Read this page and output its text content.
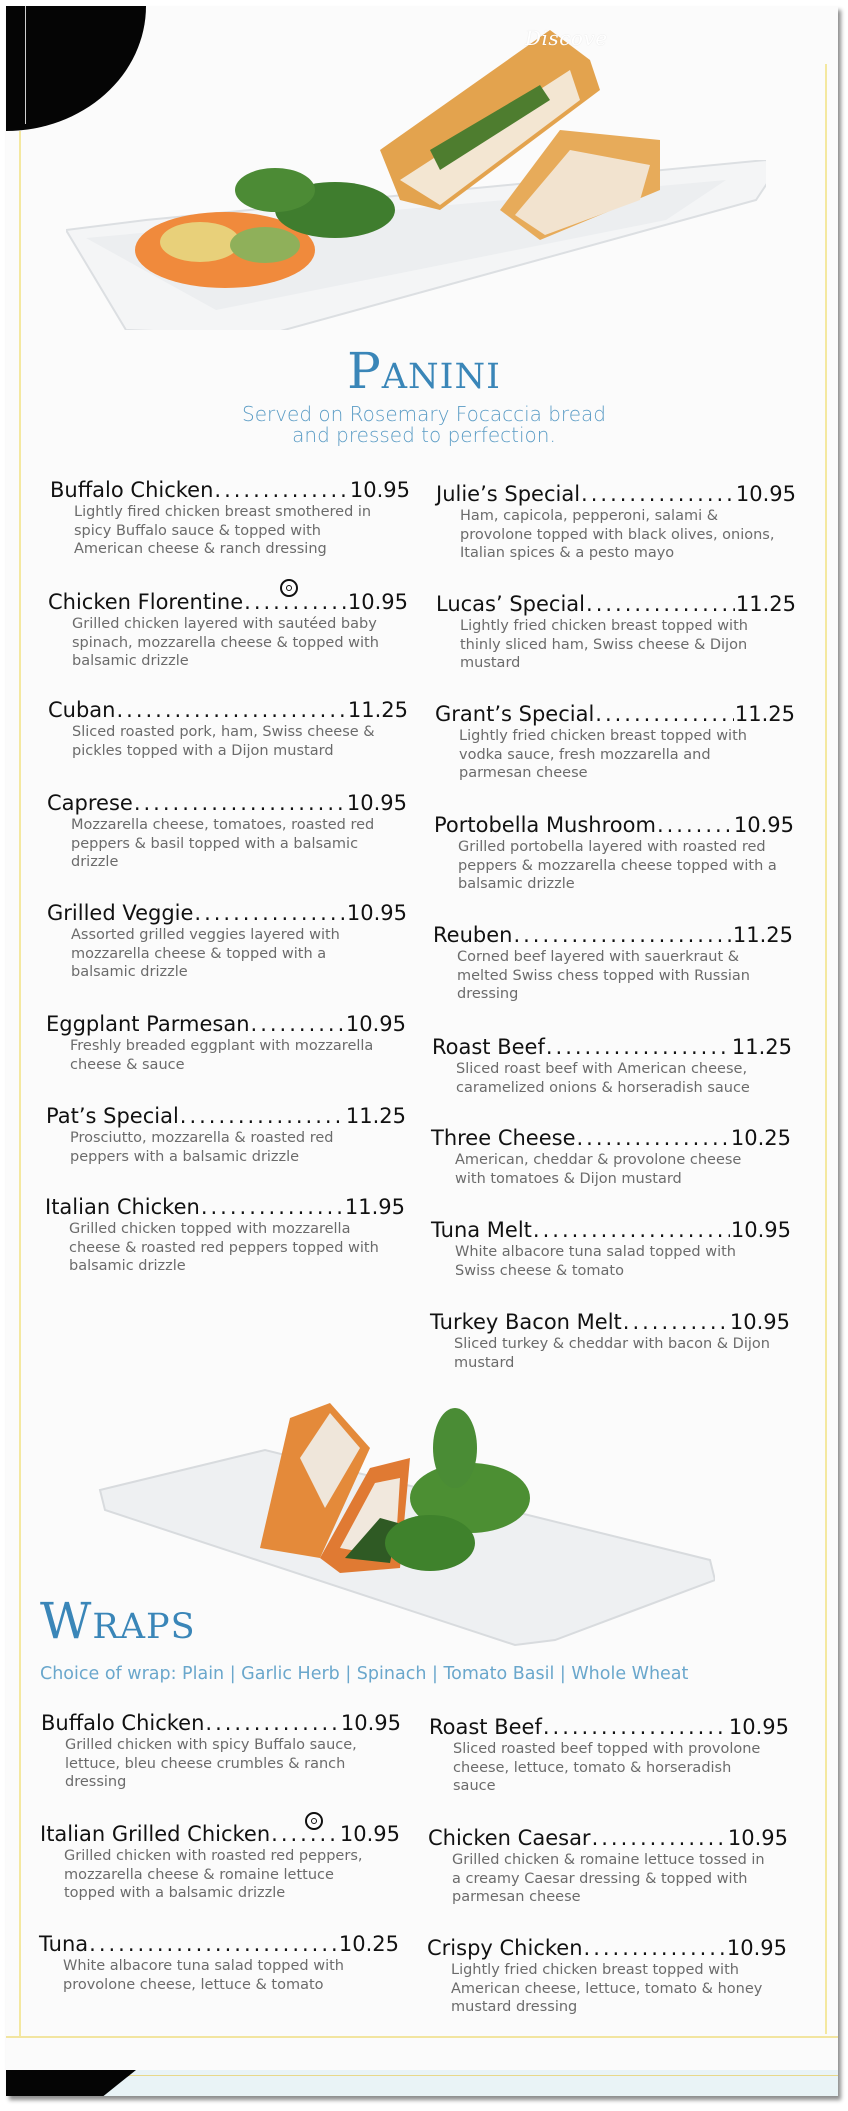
Discove
Panini
Served on Rosemary Focaccia bread
and pressed to perfection.
Buffalo Chicken .....	10.95
Lightly fired chicken breast smothered in spicy Buffalo sauce & topped with American cheese & ranch dressing
Chicken Florentine .....	10.95
Grilled chicken layered with sautéed baby spinach, mozzarella cheese & topped with balsamic drizzle
Cuban .....	11.25
Sliced roasted pork, ham, Swiss cheese & pickles topped with a Dijon mustard
Caprese .....	10.95
Mozzarella cheese, tomatoes, roasted red peppers & basil topped with a balsamic drizzle
Grilled Veggie .....	10.95
Assorted grilled veggies layered with mozzarella cheese & topped with a balsamic drizzle
Eggplant Parmesan .....	10.95
Freshly breaded eggplant with mozzarella cheese & sauce
Pat’s Special .....	11.25
Prosciutto, mozzarella & roasted red peppers with a balsamic drizzle
Italian Chicken .....	11.95
Grilled chicken topped with mozzarella cheese & roasted red peppers topped with balsamic drizzle
Julie’s Special .....	10.95
Ham, capicola, pepperoni, salami & provolone topped with black olives, onions, Italian spices & a pesto mayo
Lucas’ Special .....	11.25
Lightly fried chicken breast topped with thinly sliced ham, Swiss cheese & Dijon mustard
Grant’s Special .....	11.25
Lightly fried chicken breast topped with vodka sauce, fresh mozzarella and parmesan cheese
Portobella Mushroom .....	10.95
Grilled portobella layered with roasted red peppers & mozzarella cheese topped with a balsamic drizzle
Reuben .....	11.25
Corned beef layered with sauerkraut & melted Swiss chess topped with Russian dressing
Roast Beef .....	11.25
Sliced roast beef with American cheese, caramelized onions & horseradish sauce
Three Cheese .....	10.25
American, cheddar & provolone cheese with tomatoes & Dijon mustard
Tuna Melt .....	10.95
White albacore tuna salad topped with Swiss cheese & tomato
Turkey Bacon Melt .....	10.95
Sliced turkey & cheddar with bacon & Dijon mustard
Wraps
Choice of wrap: Plain | Garlic Herb | Spinach | Tomato Basil | Whole Wheat
Buffalo Chicken .....	10.95
Grilled chicken with spicy Buffalo sauce, lettuce, bleu cheese crumbles & ranch dressing
Italian Grilled Chicken .....	10.95
Grilled chicken with roasted red peppers, mozzarella cheese & romaine lettuce topped with a balsamic drizzle
Tuna .....	10.25
White albacore tuna salad topped with provolone cheese, lettuce & tomato
Roast Beef .....	10.95
Sliced roasted beef topped with provolone cheese, lettuce, tomato & horseradish sauce
Chicken Caesar .....	10.95
Grilled chicken & romaine lettuce tossed in a creamy Caesar dressing & topped with parmesan cheese
Crispy Chicken .....	10.95
Lightly fried chicken breast topped with American cheese, lettuce, tomato & honey mustard dressing
